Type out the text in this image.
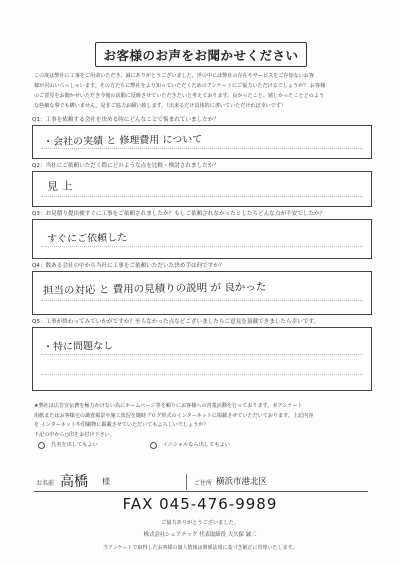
お客様のお声をお聞かせください
この度は弊社に工事をご用命いただき、誠にありがとうございました。世の中には弊社の存在やサービスをご存知ないお客
様が沢山いらっしゃいます。その方たちに弊社をより知っていただくためのアンケートにご協力いただけるでしょうか？ お客様
のご意見をお聞かせいただき今後の活動に反映させていただきたいと考えております。良かったこと、嬉しかったことどのよう
な些細な事でも構いません。是非ご協力お願い致します。（出来るだけ具体的に書いていただければ幸いです）
Q1：工事を依頼する会社を決める時にどんなことで悩まれていましたか？
・会社の実績 と 修理費用 について
Q2：当社にご依頼いただく際にどのような点を比較・検討されましたか？
見 上
Q3：お見積り提出後すぐに工事をご依頼されましたか？もしご依頼されなかったとしたらどんな点が不安でしたか？
すぐにご依頼した
Q4：数ある会社の中から当社に工事をご依頼いただいた決め手は何ですか？
担当の対応 と 費用の見積りの説明 が 良かった
Q5：工事が終わってみていかがですか？至らなかった点などございましたらご意見を頂戴できましたら幸いです。
・特に問題なし
★弊社は広告宣伝費を極力かけない為にホームページ等を頼りにお客様への営業活動を行っております。本アンケート
用紙またはお客様宅の調査風景や施工状況を随時ブログ形式のインターネットに掲載させていただいております。上記内容
を インターネットや印刷物に掲載させていただいてもよろしいでしょうか？
下記の中から○印をお付け下さい。
氏名を出してもよい	イニシャルなら出してもよい
お名前 高橋 様	ご住所 横浜市港北区
FAX 045-476-9989
ご協力ありがとうございました。
株式会社シェアテック 代表取締役 大久保 誠二
当アンケートで取得したお客様の個人情報は関係法規に基づき厳正に管理いたします。
